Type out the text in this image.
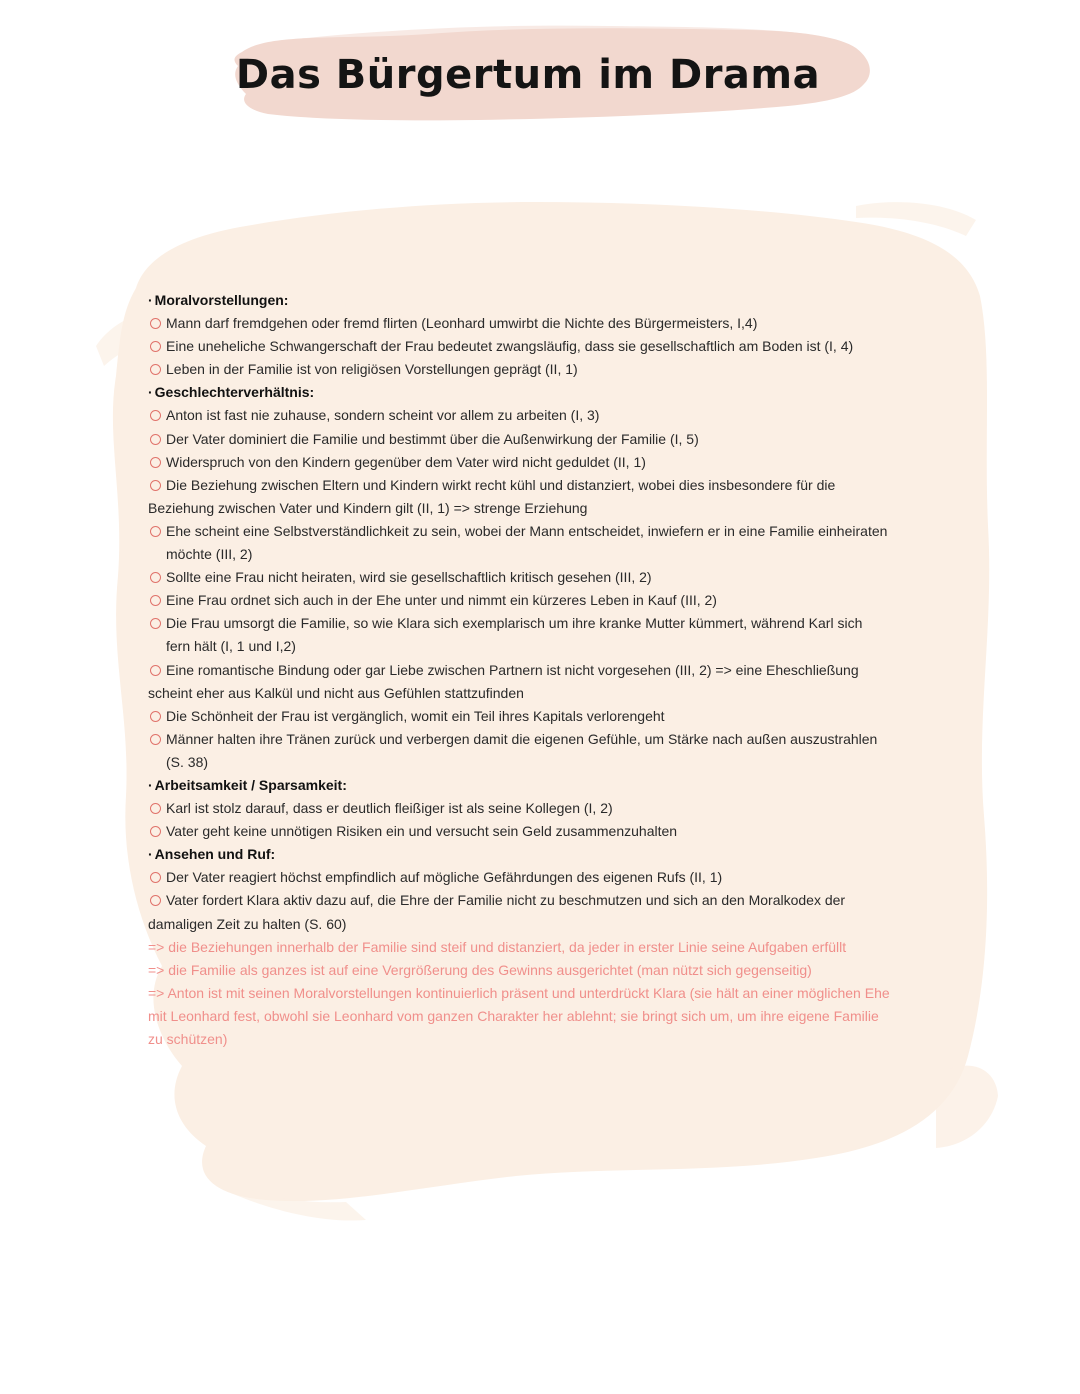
Das Bürgertum im Drama
· Moralvorstellungen:
Mann darf fremdgehen oder fremd flirten (Leonhard umwirbt die Nichte des Bürgermeisters, I,4)
Eine uneheliche Schwangerschaft der Frau bedeutet zwangsläufig, dass sie gesellschaftlich am Boden ist (I, 4)
Leben in der Familie ist von religiösen Vorstellungen geprägt (II, 1)
· Geschlechterverhältnis:
Anton ist fast nie zuhause, sondern scheint vor allem zu arbeiten (I, 3)
Der Vater dominiert die Familie und bestimmt über die Außenwirkung der Familie (I, 5)
Widerspruch von den Kindern gegenüber dem Vater wird nicht geduldet (II, 1)
Die Beziehung zwischen Eltern und Kindern wirkt recht kühl und distanziert, wobei dies insbesondere für die Beziehung zwischen Vater und Kindern gilt (II, 1) => strenge Erziehung
Ehe scheint eine Selbstverständlichkeit zu sein, wobei der Mann entscheidet, inwiefern er in eine Familie einheiraten möchte (III, 2)
Sollte eine Frau nicht heiraten, wird sie gesellschaftlich kritisch gesehen (III, 2)
Eine Frau ordnet sich auch in der Ehe unter und nimmt ein kürzeres Leben in Kauf (III, 2)
Die Frau umsorgt die Familie, so wie Klara sich exemplarisch um ihre kranke Mutter kümmert, während Karl sich fern hält (I, 1 und I,2)
Eine romantische Bindung oder gar Liebe zwischen Partnern ist nicht vorgesehen (III, 2) => eine Eheschließung scheint eher aus Kalkül und nicht aus Gefühlen stattzufinden
Die Schönheit der Frau ist vergänglich, womit ein Teil ihres Kapitals verlorengeht
Männer halten ihre Tränen zurück und verbergen damit die eigenen Gefühle, um Stärke nach außen auszustrahlen (S. 38)
· Arbeitsamkeit / Sparsamkeit:
Karl ist stolz darauf, dass er deutlich fleißiger ist als seine Kollegen (I, 2)
Vater geht keine unnötigen Risiken ein und versucht sein Geld zusammenzuhalten
· Ansehen und Ruf:
Der Vater reagiert höchst empfindlich auf mögliche Gefährdungen des eigenen Rufs (II, 1)
Vater fordert Klara aktiv dazu auf, die Ehre der Familie nicht zu beschmutzen und sich an den Moralkodex der damaligen Zeit zu halten (S. 60)
=> die Beziehungen innerhalb der Familie sind steif und distanziert, da jeder in erster Linie seine Aufgaben erfüllt
=> die Familie als ganzes ist auf eine Vergrößerung des Gewinns ausgerichtet (man nützt sich gegenseitig)
=> Anton ist mit seinen Moralvorstellungen kontinuierlich präsent und unterdrückt Klara (sie hält an einer möglichen Ehe mit Leonhard fest, obwohl sie Leonhard vom ganzen Charakter her ablehnt; sie bringt sich um, um ihre eigene Familie zu schützen)
